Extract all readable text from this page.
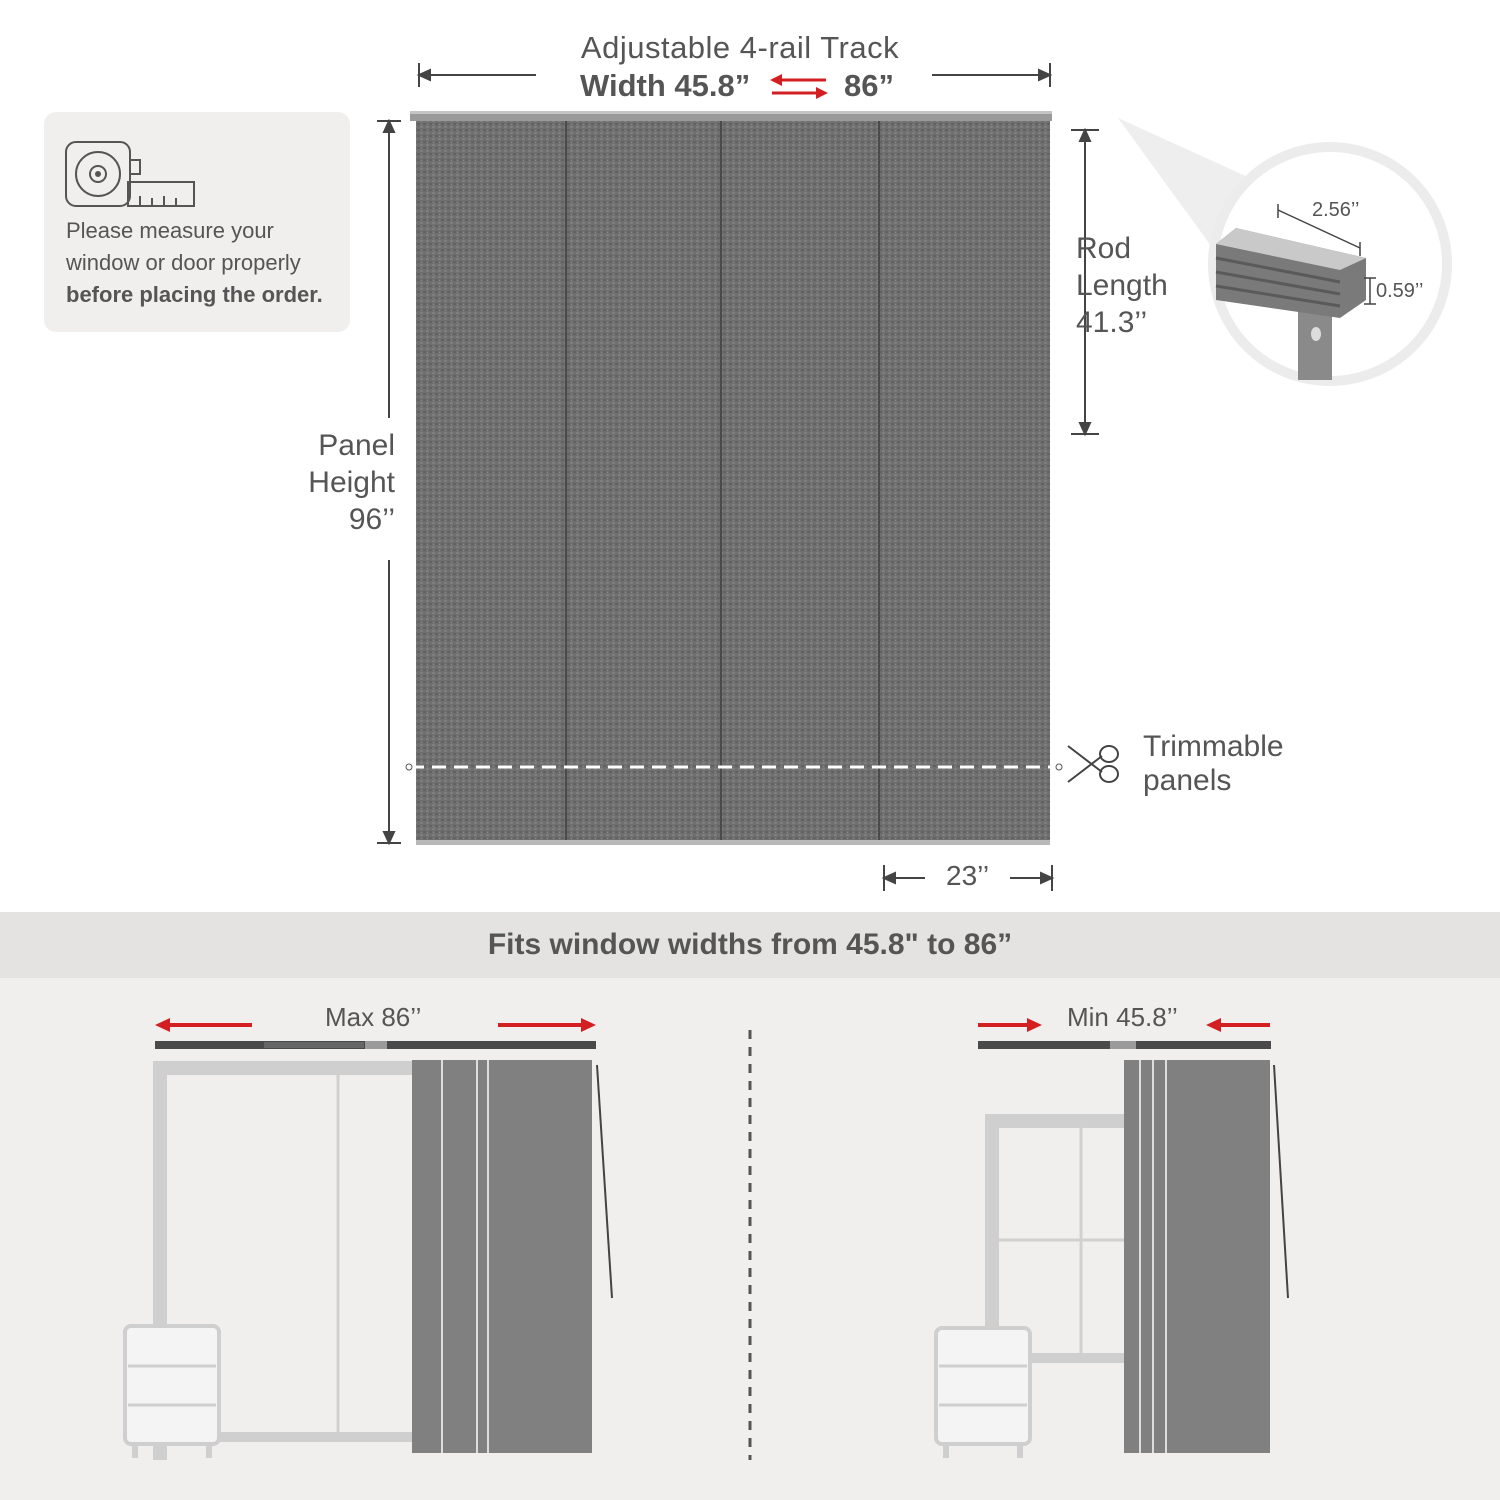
Adjustable 4-rail Track
Width 45.8”	86”
Please measure your
window or door properly
before placing the order.
Rod
Length
41.3’’
Panel
Height
96’’
Trimmable
panels
23’’
2.56’’
0.59’’
Fits window widths from 45.8" to 86”
Max 86’’	Min 45.8’’
